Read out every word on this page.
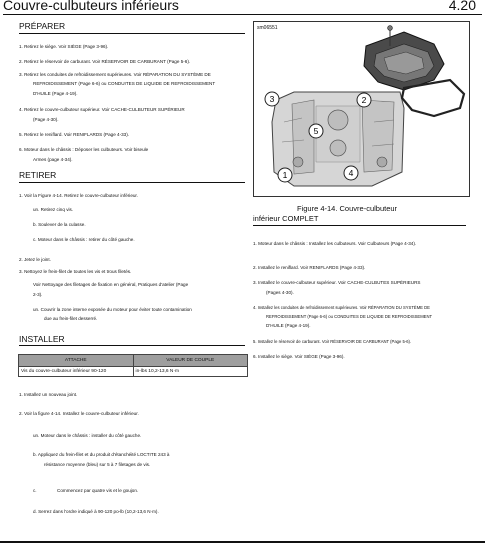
Couvre-culbuteurs inférieurs	4.20
PRÉPARER
1. Retirez le siège. Voir SIÈGE (Page 3-96).
2. Retirez le réservoir de carburant. Voir RÉSERVOIR DE CARBURANT (Page 5-6).
3. Retirez les conduites de refroidissement supérieures. Voir RÉPARATION DU SYSTÈME DE
REFROIDISSEMENT (Page 6-6) ou CONDUITES DE LIQUIDE DE REFROIDISSEMENT
D'HUILE (Page 4-19).
4. Retirez le couvre-culbuteur supérieur. Voir CACHE-CULBUTEUR SUPÉRIEUR
(Page 4-30).
5. Retirez le reniflard. Voir RENIFLARDS (Page 4-33).
6. Moteur dans le châssis : Déposer les culbuteurs. Voir biseule
Armes (page 4-34).
RETIRER
1. Voir la Figure 4-14. Retirez le couvre-culbuteur inférieur.
un. Retirez cinq vis.
b. Soulever de la culasse.
c. Moteur dans le châssis : retirer du côté gauche.
2. Jetez le joint.
3. Nettoyez le frein-filet de toutes les vis et trous filetés.
Voir Nettoyage des filetages de fixation en général, Pratiques d'atelier (Page
2-3).
un. Couvrir la zone interne exposée du moteur pour éviter toute contamination
due au frein-filet desserré.
INSTALLER
ATTACHE	VALEUR DE COUPLE
Vis du couvre-culbuteur inférieur 90-120	in-lbs 10,2-13,6 N·m
1. Installez un nouveau joint.
2. Voir la figure 4-14. Installez le couvre-culbuteur inférieur.
un. Moteur dans le châssis : installer du côté gauche.
b. Appliquez du frein-filet et du produit d'étanchéité LOCTITE 243 à
résistance moyenne (bleu) sur 5 à 7 filetages de vis.
c.	Commencez par quatre vis et le goujon.
d. Serrez dans l'ordre indiqué à 90-120 po-lb (10,2-13,6 N·m).
sm06551
3	2
5
1	4
Figure 4-14. Couvre-culbuteur
inférieur COMPLET
1. Moteur dans le châssis : Installez les culbuteurs. Voir Culbuteurs (Page 4-34).
2. Installez le reniflard. Voir RENIFLARDS (Page 4-33).
3. Installez le couvre-culbuteur supérieur. Voir CACHE-CULBUTES SUPÉRIEURS
(Pages 4-30).
4. Installez les conduites de refroidissement supérieures. Voir RÉPARATION DU SYSTÈME DE
REFROIDISSEMENT (Page 6-6) ou CONDUITES DE LIQUIDE DE REFROIDISSEMENT
D'HUILE (Page 4-19).
5. Installez le réservoir de carburant. Voir RÉSERVOIR DE CARBURANT (Page 5-6).
6. Installez le siège. Voir SIÈGE (Page 3-96).
